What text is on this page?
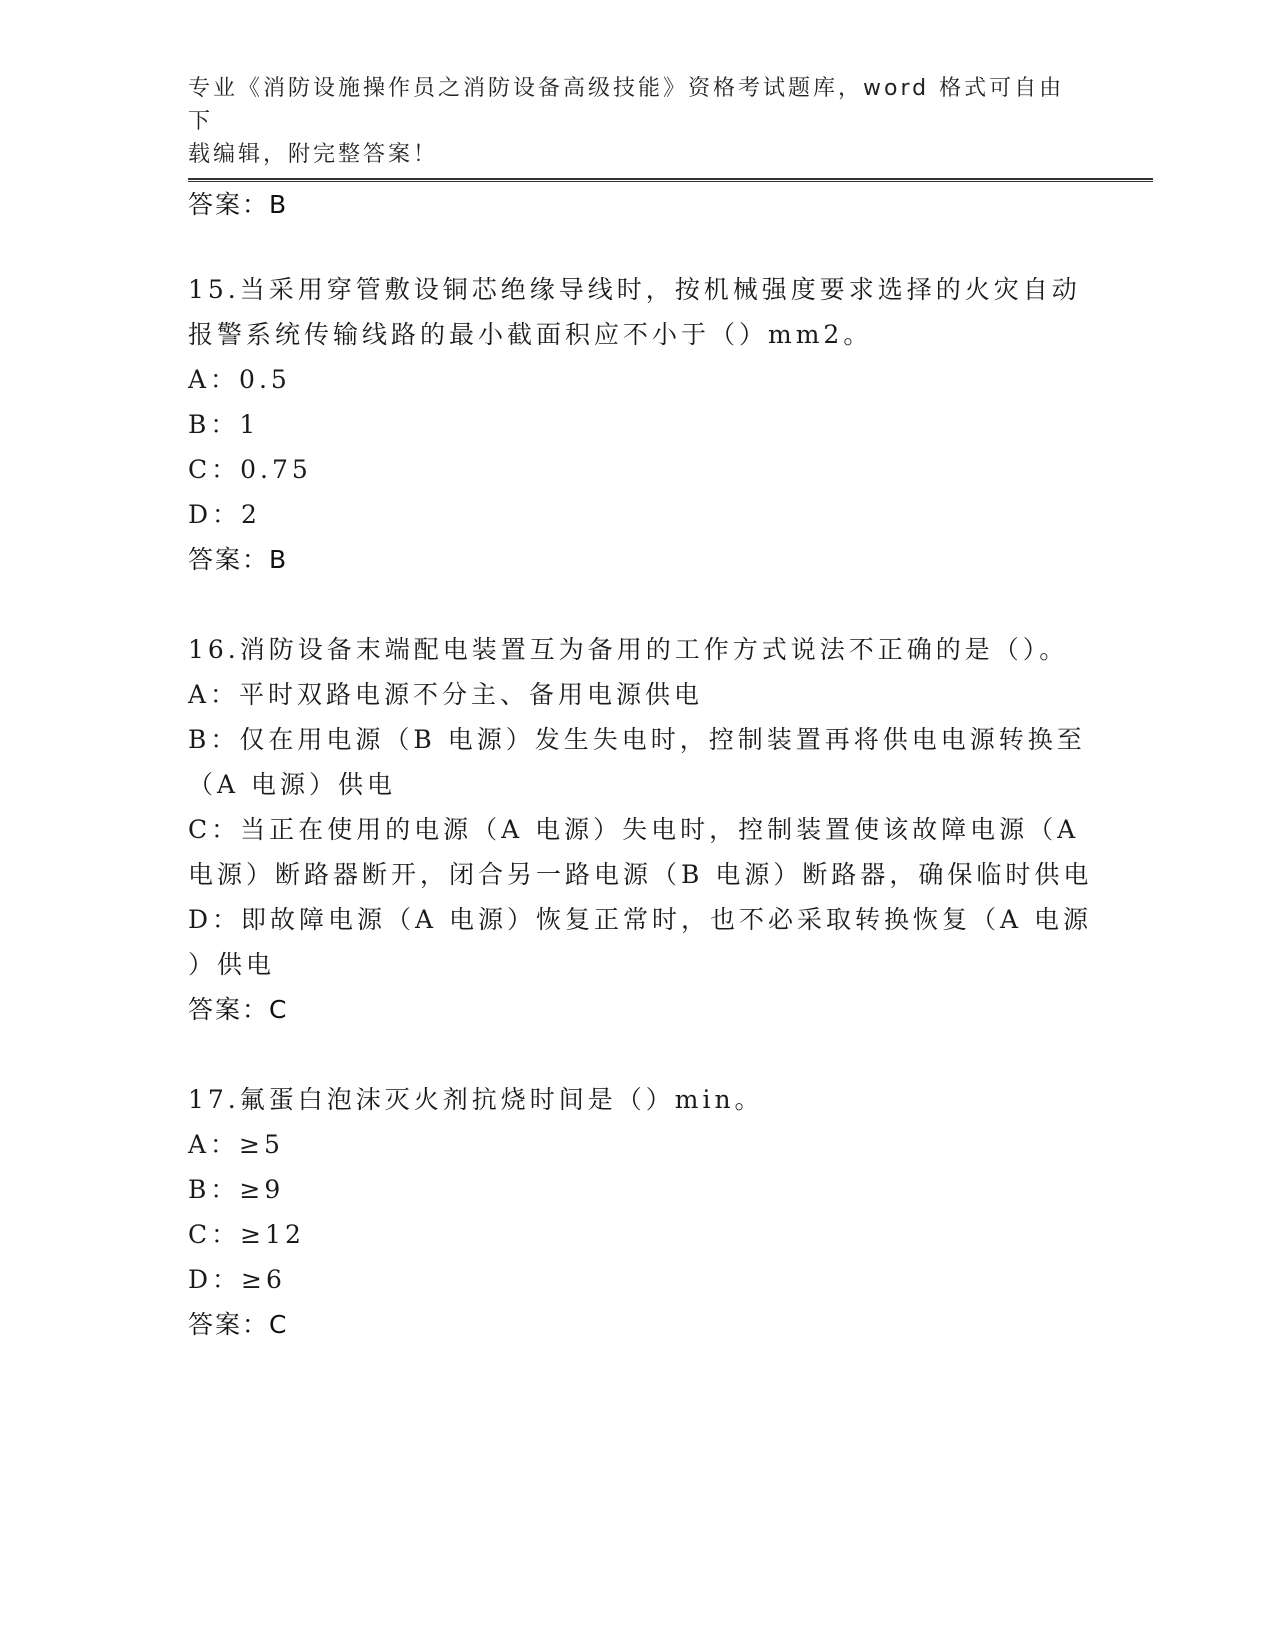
专业《消防设施操作员之消防设备高级技能》资格考试题库，word 格式可自由下
载编辑，附完整答案！
答案：B
15.当采用穿管敷设铜芯绝缘导线时，按机械强度要求选择的火灾自动
报警系统传输线路的最小截面积应不小于（）mm2。
A：0.5
B：1
C：0.75
D：2
答案：B
16.消防设备末端配电装置互为备用的工作方式说法不正确的是（）。
A：平时双路电源不分主、备用电源供电
B：仅在用电源（B 电源）发生失电时，控制装置再将供电电源转换至
（A 电源）供电
C：当正在使用的电源（A 电源）失电时，控制装置使该故障电源（A
电源）断路器断开，闭合另一路电源（B 电源）断路器，确保临时供电
D：即故障电源（A 电源）恢复正常时，也不必采取转换恢复（A 电源
）供电
答案：C
17.氟蛋白泡沫灭火剂抗烧时间是（）min。
A：≥5
B：≥9
C：≥12
D：≥6
答案：C
